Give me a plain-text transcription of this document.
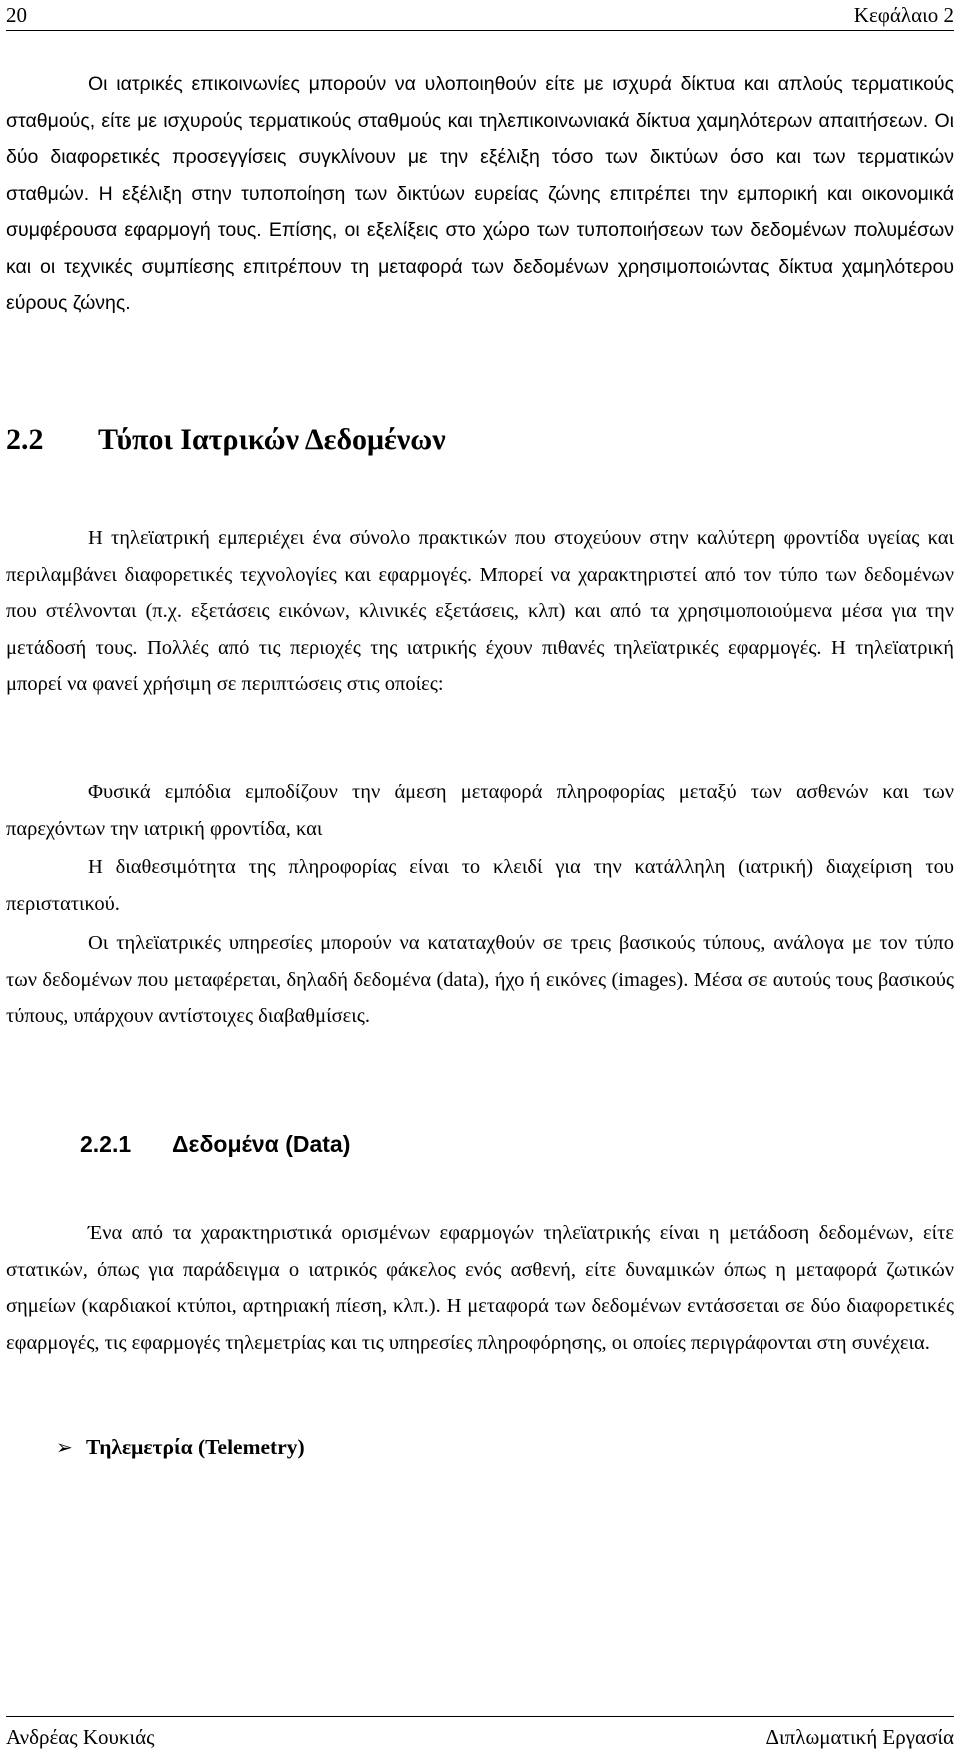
20	Κεφάλαιο 2

Οι ιατρικές επικοινωνίες μπορούν να υλοποιηθούν είτε με ισχυρά δίκτυα και απλούς τερματικούς σταθμούς, είτε με ισχυρούς τερματικούς σταθμούς και τηλεπικοινωνιακά δίκτυα χαμηλότερων απαιτήσεων. Οι δύο διαφορετικές προσεγγίσεις συγκλίνουν με την εξέλιξη τόσο των δικτύων όσο και των τερματικών σταθμών. Η εξέλιξη στην τυποποίηση των δικτύων ευρείας ζώνης επιτρέπει την εμπορική και οικονομικά συμφέρουσα εφαρμογή τους. Επίσης, οι εξελίξεις στο χώρο των τυποποιήσεων των δεδομένων πολυμέσων και οι τεχνικές συμπίεσης επιτρέπουν τη μεταφορά των δεδομένων χρησιμοποιώντας δίκτυα χαμηλότερου εύρους ζώνης.

2.2 Τύποι Ιατρικών Δεδομένων

Η τηλεϊατρική εμπεριέχει ένα σύνολο πρακτικών που στοχεύουν στην καλύτερη φροντίδα υγείας και περιλαμβάνει διαφορετικές τεχνολογίες και εφαρμογές. Μπορεί να χαρακτηριστεί από τον τύπο των δεδομένων που στέλνονται (π.χ. εξετάσεις εικόνων, κλινικές εξετάσεις, κλπ) και από τα χρησιμοποιούμενα μέσα για την μετάδοσή τους. Πολλές από τις περιοχές της ιατρικής έχουν πιθανές τηλεϊατρικές εφαρμογές. Η τηλεϊατρική μπορεί να φανεί χρήσιμη σε περιπτώσεις στις οποίες:

Φυσικά εμπόδια εμποδίζουν την άμεση μεταφορά πληροφορίας μεταξύ των ασθενών και των παρεχόντων την ιατρική φροντίδα, και

Η διαθεσιμότητα της πληροφορίας είναι το κλειδί για την κατάλληλη (ιατρική) διαχείριση του περιστατικού.

Οι τηλεϊατρικές υπηρεσίες μπορούν να καταταχθούν σε τρεις βασικούς τύπους, ανάλογα με τον τύπο των δεδομένων που μεταφέρεται, δηλαδή δεδομένα (data), ήχο ή εικόνες (images). Μέσα σε αυτούς τους βασικούς τύπους, υπάρχουν αντίστοιχες διαβαθμίσεις.

2.2.1 Δεδομένα (Data)

Ένα από τα χαρακτηριστικά ορισμένων εφαρμογών τηλεϊατρικής είναι η μετάδοση δεδομένων, είτε στατικών, όπως για παράδειγμα ο ιατρικός φάκελος ενός ασθενή, είτε δυναμικών όπως η μεταφορά ζωτικών σημείων (καρδιακοί κτύποι, αρτηριακή πίεση, κλπ.). Η μεταφορά των δεδομένων εντάσσεται σε δύο διαφορετικές εφαρμογές, τις εφαρμογές τηλεμετρίας και τις υπηρεσίες πληροφόρησης, οι οποίες περιγράφονται στη συνέχεια.

➢ Τηλεμετρία (Telemetry)
Ανδρέας Κουκιάς	Διπλωματική Εργασία
